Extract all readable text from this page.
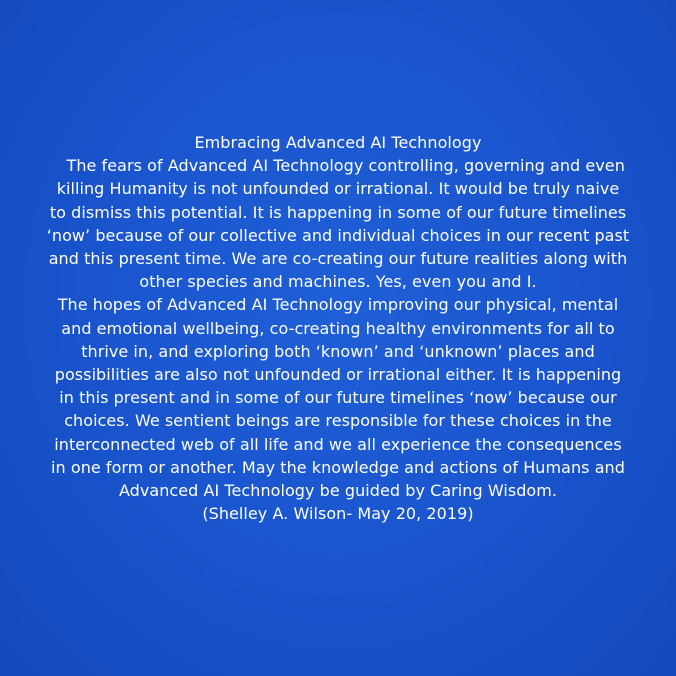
Embracing Advanced AI Technology
The fears of Advanced AI Technology controlling, governing and even
killing Humanity is not unfounded or irrational. It would be truly naive
to dismiss this potential. It is happening in some of our future timelines
‘now’ because of our collective and individual choices in our recent past
and this present time. We are co-creating our future realities along with
other species and machines. Yes, even you and I.
The hopes of Advanced AI Technology improving our physical, mental
and emotional wellbeing, co-creating healthy environments for all to
thrive in, and exploring both ‘known’ and ‘unknown’ places and
possibilities are also not unfounded or irrational either. It is happening
in this present and in some of our future timelines ‘now’ because our
choices. We sentient beings are responsible for these choices in the
interconnected web of all life and we all experience the consequences
in one form or another. May the knowledge and actions of Humans and
Advanced AI Technology be guided by Caring Wisdom.
(Shelley A. Wilson- May 20, 2019)
